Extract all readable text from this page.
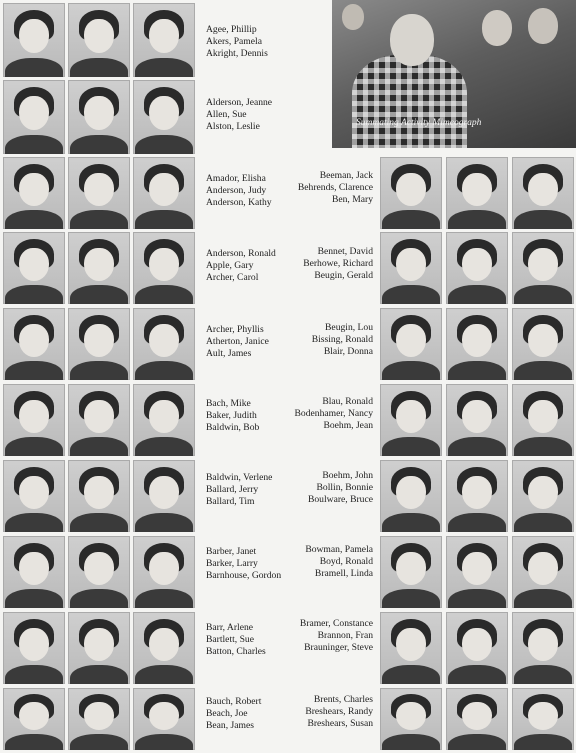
Summating Activity Mimeograph
Agee, Phillip
Akers, Pamela
Akright, Dennis
Alderson, Jeanne
Allen, Sue
Alston, Leslie
Amador, Elisha
Anderson, Judy
Anderson, Kathy
Anderson, Ronald
Apple, Gary
Archer, Carol
Archer, Phyllis
Atherton, Janice
Ault, James
Bach, Mike
Baker, Judith
Baldwin, Bob
Baldwin, Verlene
Ballard, Jerry
Ballard, Tim
Barber, Janet
Barker, Larry
Barnhouse, Gordon
Barr, Arlene
Bartlett, Sue
Batton, Charles
Bauch, Robert
Beach, Joe
Bean, James
Beeman, Jack
Behrends, Clarence
Ben, Mary
Bennet, David
Berhowe, Richard
Beugin, Gerald
Beugin, Lou
Bissing, Ronald
Blair, Donna
Blau, Ronald
Bodenhamer, Nancy
Boehm, Jean
Boehm, John
Bollin, Bonnie
Boulware, Bruce
Bowman, Pamela
Boyd, Ronald
Bramell, Linda
Bramer, Constance
Brannon, Fran
Brauninger, Steve
Brents, Charles
Breshears, Randy
Breshears, Susan
